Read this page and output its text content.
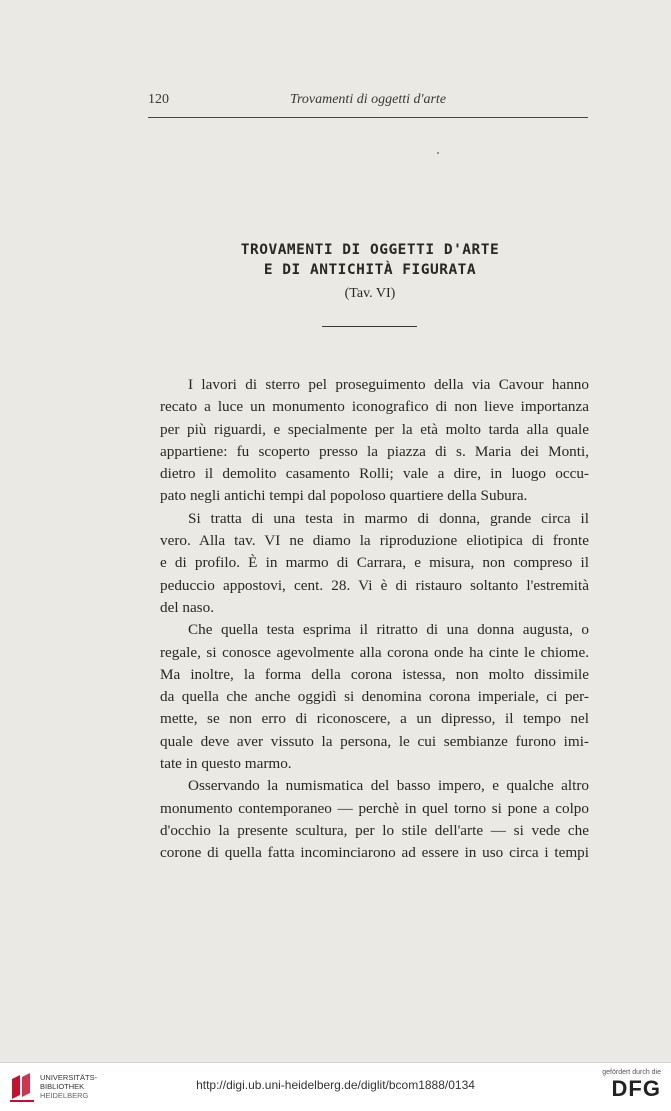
120	Trovamenti di oggetti d'arte
TROVAMENTI DI OGGETTI D'ARTE
E DI ANTICHITÀ FIGURATA
(Tav. VI)

I lavori di sterro pel proseguimento della via Cavour hanno
recato a luce un monumento iconografico di non lieve importanza
per più riguardi, e specialmente per la età molto tarda alla quale
appartiene: fu scoperto presso la piazza di s. Maria dei Monti,
dietro il demolito casamento Rolli; vale a dire, in luogo occu-
pato negli antichi tempi dal popoloso quartiere della Subura.

Si tratta di una testa in marmo di donna, grande circa il
vero. Alla tav. VI ne diamo la riproduzione eliotipica di fronte
e di profilo. È in marmo di Carrara, e misura, non compreso il
peduccio appostovi, cent. 28. Vi è di ristauro soltanto l'estremità
del naso.

Che quella testa esprima il ritratto di una donna augusta, o
regale, si conosce agevolmente alla corona onde ha cinte le chiome.
Ma inoltre, la forma della corona istessa, non molto dissimile
da quella che anche oggidì si denomina corona imperiale, ci per-
mette, se non erro di riconoscere, a un dipresso, il tempo nel
quale deve aver vissuto la persona, le cui sembianze furono imi-
tate in questo marmo.

Osservando la numismatica del basso impero, e qualche altro
monumento contemporaneo — perchè in quel torno si pone a colpo
d'occhio la presente scultura, per lo stile dell'arte — si vede che
corone di quella fatta incominciarono ad essere in uso circa i tempi

UNIVERSITÄTS-
BIBLIOTHEK
HEIDELBERG
http://digi.ub.uni-heidelberg.de/diglit/bcom1888/0134
gefördert durch die
DFG
